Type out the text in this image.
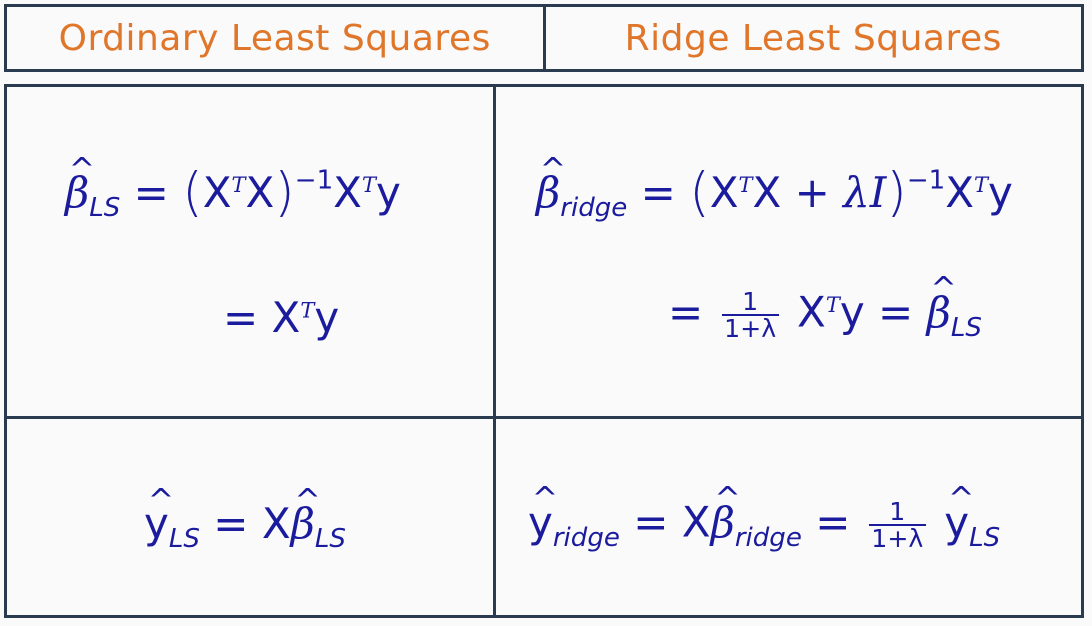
Ordinary Least Squares	Ridge Least Squares
^ $\beta_{LS} = (X^TX)^{-1}X^Ty$
= $X^Ty$
^ $\beta_{ridge} = (X^TX + \lambda I)^{-1}X^Ty$
= $\frac{1}{1+\lambda} X^Ty$ = ^ $\beta_{LS}$
^ $y_{LS}$ = X^ $\beta_{LS}$	^ $y_{ridge}$ = X^ $\beta_{ridge} = \frac{1}{1+\lambda}$ ^ $y_{LS}$
